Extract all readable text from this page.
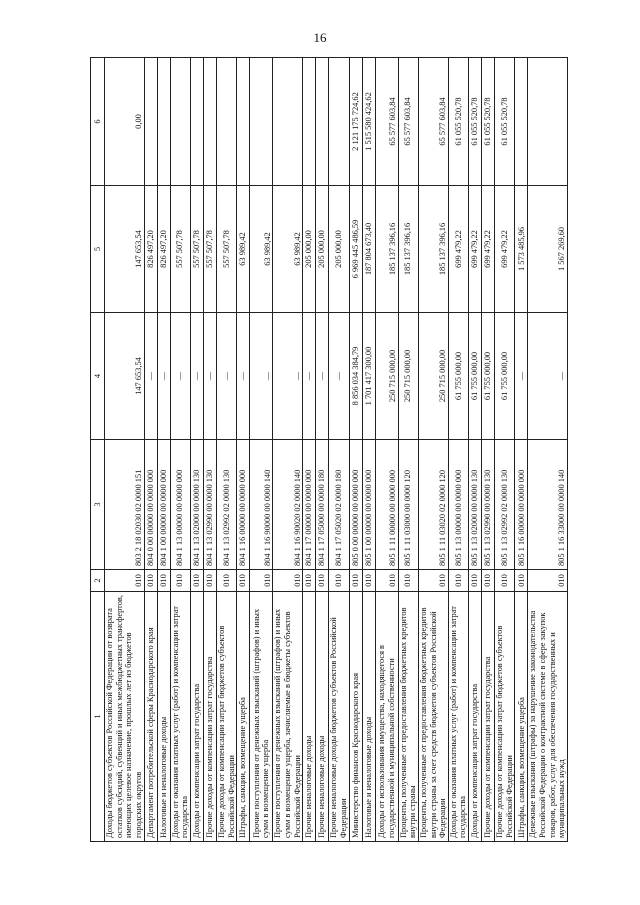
16
1	2	3	4	5	6
Доходы бюджетов субъектов Российской Федерации от возврата остатков субсидий, субвенций и иных межбюджетных трансфертов, имеющих целевое назначение, прошлых лет из бюджетов городских округов	010	803 2 18 02030 02 0000 151	147 653,54	147 653,54	0,00
Департамент потребительской сферы Краснодарского края	010	804 0 00 00000 00 0000 000	—	826 497,20	
Налоговые и неналоговые доходы	010	804 1 00 00000 00 0000 000	—	826 497,20	
Доходы от оказания платных услуг (работ) и компенсации затрат государства	010	804 1 13 00000 00 0000 000	—	557 507,78	
Доходы от компенсации затрат государства	010	804 1 13 02000 00 0000 130	—	557 507,78	
Прочие доходы от компенсации затрат государства	010	804 1 13 02990 00 0000 130	—	557 507,78	
Прочие доходы от компенсации затрат бюджетов субъектов Российской Федерации	010	804 1 13 02992 02 0000 130	—	557 507,78	
Штрафы, санкции, возмещение ущерба	010	804 1 16 00000 00 0000 000	—	63 989,42	
Прочие поступления от денежных взысканий (штрафов) и иных сумм в возмещение ущерба	010	804 1 16 90000 00 0000 140	—	63 989,42	
Прочие поступления от денежных взысканий (штрафов) и иных сумм в возмещение ущерба, зачисляемые в бюджеты субъектов Российской Федерации	010	804 1 16 90020 02 0000 140	—	63 989,42	
Прочие неналоговые доходы	010	804 1 17 00000 00 0000 000	—	205 000,00	
Прочие неналоговые доходы	010	804 1 17 05000 00 0000 180	—	205 000,00	
Прочие неналоговые доходы бюджетов субъектов Российской Федерации	010	804 1 17 05020 02 0000 180	—	205 000,00	
Министерство финансов Краснодарского края	010	805 0 00 00000 00 0000 000	8 856 034 384,79	6 969 445 486,59	2 121 175 724,62
Налоговые и неналоговые доходы	010	805 1 00 00000 00 0000 000	1 701 417 300,00	187 804 673,40	1 515 580 424,62
Доходы от использования имущества, находящегося в государственной и муниципальной собственности	010	805 1 11 00000 00 0000 000	250 715 000,00	185 137 396,16	65 577 603,84
Проценты, полученные от предоставления бюджетных кредитов внутри страны	010	805 1 11 03000 00 0000 120	250 715 000,00	185 137 396,16	65 577 603,84
Проценты, полученные от предоставления бюджетных кредитов внутри страны за счет средств бюджетов субъектов Российской Федерации	010	805 1 11 03020 02 0000 120	250 715 000,00	185 137 396,16	65 577 603,84
Доходы от оказания платных услуг (работ) и компенсации затрат государства	010	805 1 13 00000 00 0000 000	61 755 000,00	699 479,22	61 055 520,78
Доходы от компенсации затрат государства	010	805 1 13 02000 00 0000 130	61 755 000,00	699 479,22	61 055 520,78
Прочие доходы от компенсации затрат государства	010	805 1 13 02990 00 0000 130	61 755 000,00	699 479,22	61 055 520,78
Прочие доходы от компенсации затрат бюджетов субъектов Российской Федерации	010	805 1 13 02992 02 0000 130	61 755 000,00	699 479,22	61 055 520,78
Штрафы, санкции, возмещение ущерба	010	805 1 16 00000 00 0000 000	—	1 573 485,96	
Денежные взыскания (штрафы) за нарушение законодательства Российской Федерации о контрактной системе в сфере закупок товаров, работ, услуг для обеспечения государственных и муниципальных нужд	010	805 1 16 33000 00 0000 140	—	1 567 269,60	
